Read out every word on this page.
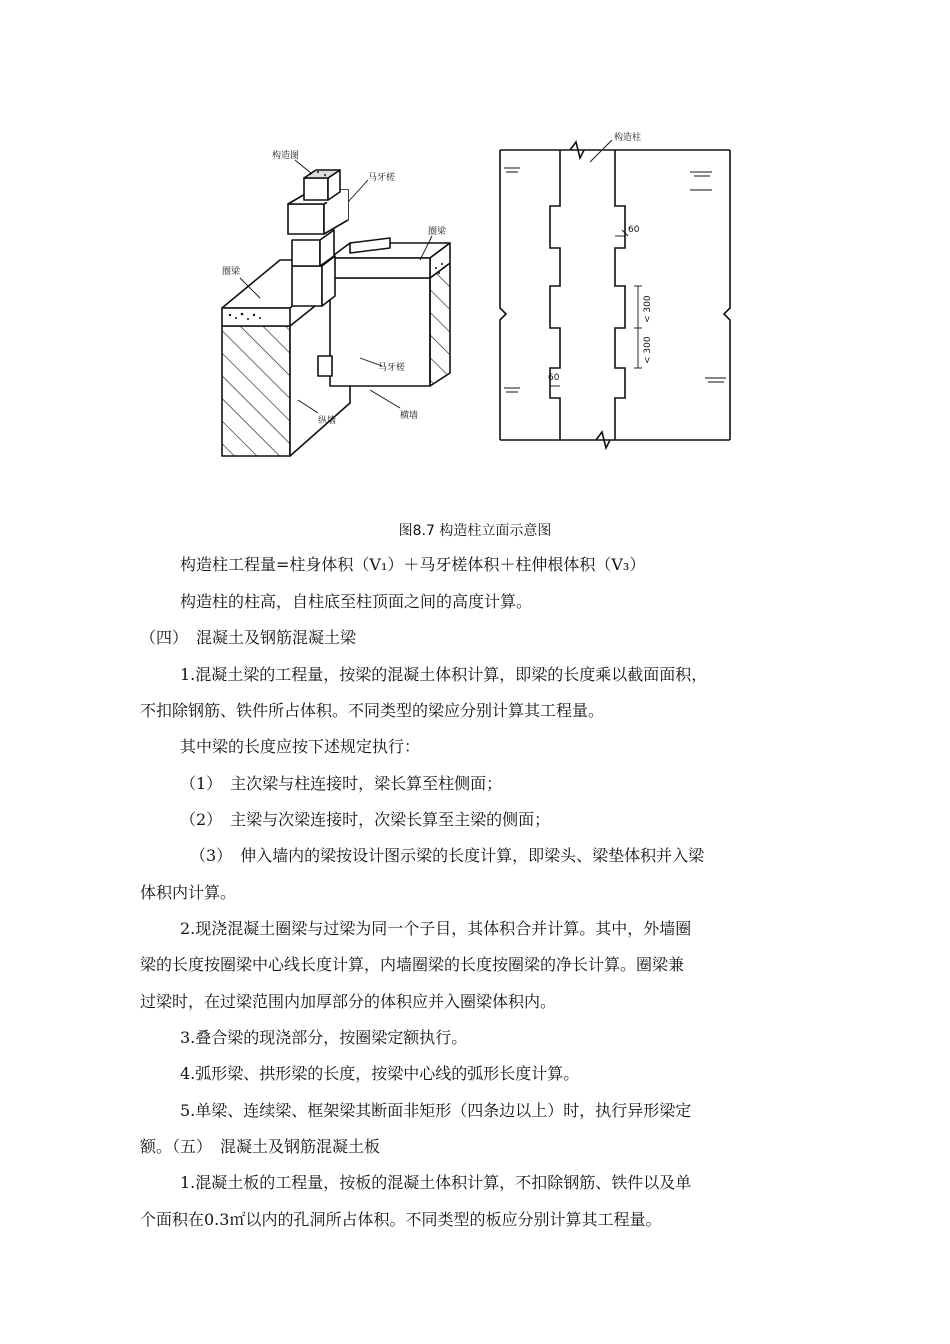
构造图
马牙槎
圈梁
圈梁
马牙槎
纵墙	横墙
构造柱
60
< 300
< 300
60
图8.7 构造柱立面示意图
构造柱工程量=柱身体积（V₁）＋马牙槎体积＋柱伸根体积（V₃）
构造柱的柱高，自柱底至柱顶面之间的高度计算。
（四）　混凝土及钢筋混凝土梁
1.混凝土梁的工程量，按梁的混凝土体积计算，即梁的长度乘以截面面积，
不扣除钢筋、铁件所占体积。不同类型的梁应分别计算其工程量。
其中梁的长度应按下述规定执行：
（1）　主次梁与柱连接时，梁长算至柱侧面；
（2）　主梁与次梁连接时，次梁长算至主梁的侧面；
（3）　伸入墙内的梁按设计图示梁的长度计算，即梁头、梁垫体积并入梁
体积内计算。
2.现浇混凝土圈梁与过梁为同一个子目，其体积合并计算。其中，外墙圈
梁的长度按圈梁中心线长度计算，内墙圈梁的长度按圈梁的净长计算。圈梁兼
过梁时，在过梁范围内加厚部分的体积应并入圈梁体积内。
3.叠合梁的现浇部分，按圈梁定额执行。
4.弧形梁、拱形梁的长度，按梁中心线的弧形长度计算。
5.单梁、连续梁、框架梁其断面非矩形（四条边以上）时，执行异形梁定
额。（五）　混凝土及钢筋混凝土板
1.混凝土板的工程量，按板的混凝土体积计算，不扣除钢筋、铁件以及单
个面积在0.3㎡以内的孔洞所占体积。不同类型的板应分别计算其工程量。
